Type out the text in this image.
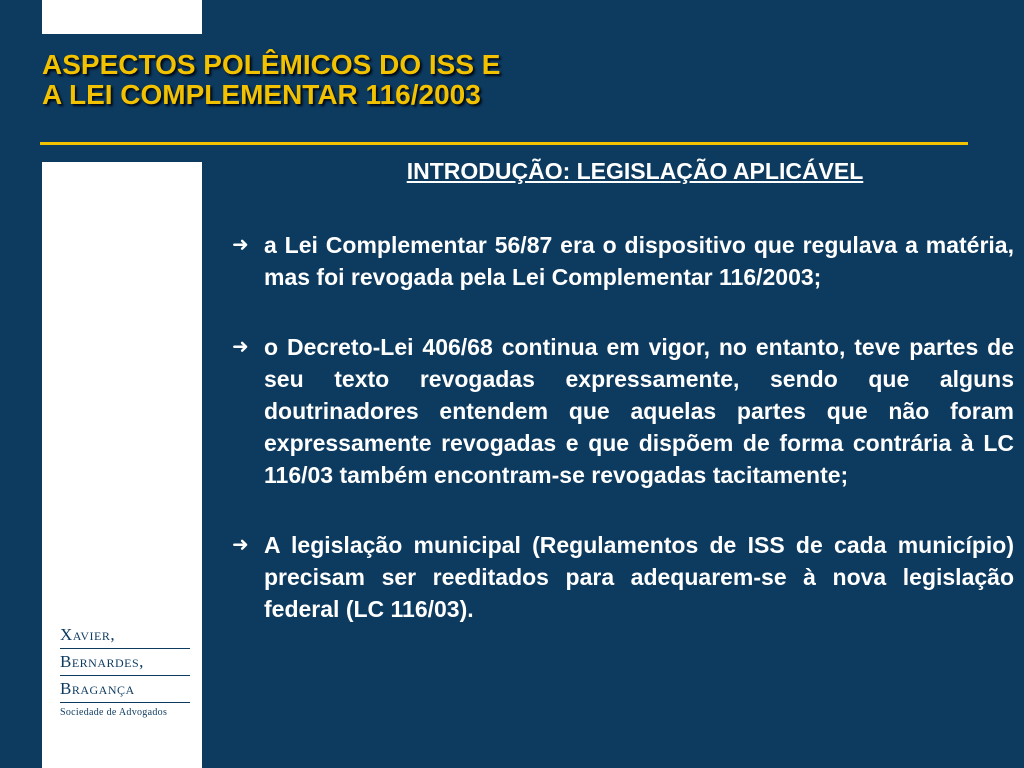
ASPECTOS POLÊMICOS DO ISS E
A LEI COMPLEMENTAR 116/2003
Xavier,
Bernardes,
Bragança
Sociedade de Advogados
INTRODUÇÃO: LEGISLAÇÃO APLICÁVEL
➜ a Lei Complementar 56/87 era o dispositivo que regulava a matéria, mas foi revogada pela Lei Complementar 116/2003;
➜ o Decreto-Lei 406/68 continua em vigor, no entanto, teve partes de seu texto revogadas expressamente, sendo que alguns doutrinadores entendem que aquelas partes que não foram expressamente revogadas e que dispõem de forma contrária à LC 116/03 também encontram-se revogadas tacitamente;
➜ A legislação municipal (Regulamentos de ISS de cada município) precisam ser reeditados para adequarem-se à nova legislação federal (LC 116/03).
